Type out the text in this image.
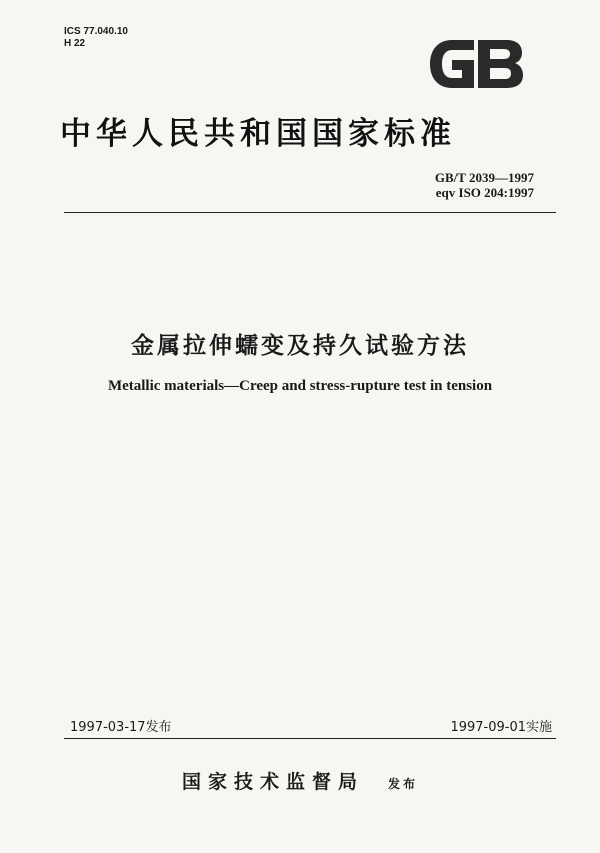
ICS 77.040.10
H 22
中华人民共和国国家标准
GB/T 2039—1997
eqv ISO 204:1997
金属拉伸蠕变及持久试验方法
Metallic materials—Creep and stress-rupture test in tension
1997-03-17发布	1997-09-01实施
国家技术监督局 发布
